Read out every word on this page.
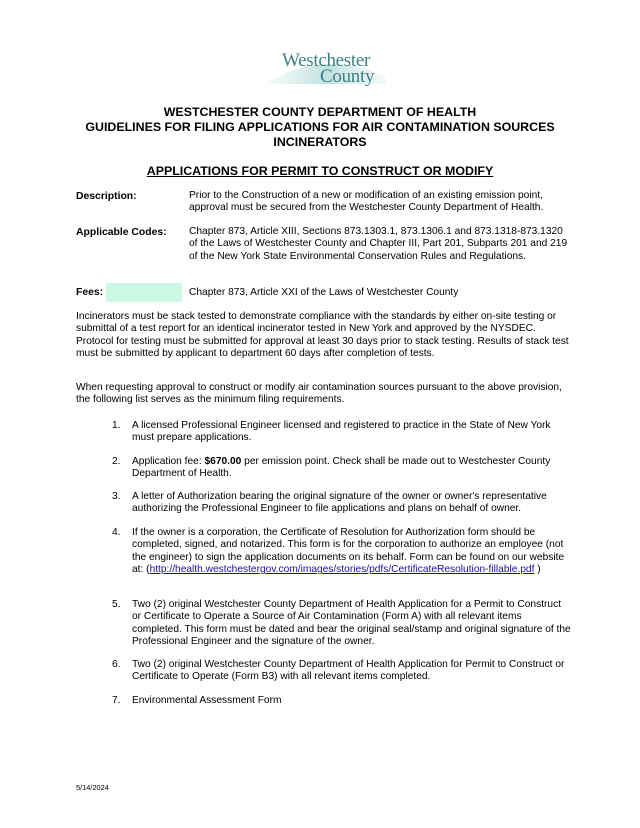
Westchester
County
WESTCHESTER COUNTY DEPARTMENT OF HEALTH
GUIDELINES FOR FILING APPLICATIONS FOR AIR CONTAMINATION SOURCES
INCINERATORS
APPLICATIONS FOR PERMIT TO CONSTRUCT OR MODIFY
Description:	Prior to the Construction of a new or modification of an existing emission point, approval must be secured from the Westchester County Department of Health.
Applicable Codes: Chapter 873, Article XIII, Sections 873.1303.1, 873.1306.1 and 873.1318-873.1320 of the Laws of Westchester County and Chapter III, Part 201, Subparts 201 and 219 of the New York State Environmental Conservation Rules and Regulations.
Fees:	Chapter 873, Article XXI of the Laws of Westchester County
Incinerators must be stack tested to demonstrate compliance with the standards by either on-site testing or submittal of a test report for an identical incinerator tested in New York and approved by the NYSDEC. Protocol for testing must be submitted for approval at least 30 days prior to stack testing. Results of stack test must be submitted by applicant to department 60 days after completion of tests.
When requesting approval to construct or modify air contamination sources pursuant to the above provision, the following list serves as the minimum filing requirements.
1.	A licensed Professional Engineer licensed and registered to practice in the State of New York must prepare applications.
2.	Application fee: $670.00 per emission point. Check shall be made out to Westchester County Department of Health.
3.	A letter of Authorization bearing the original signature of the owner or owner's representative authorizing the Professional Engineer to file applications and plans on behalf of owner.
4.	If the owner is a corporation, the Certificate of Resolution for Authorization form should be completed, signed, and notarized. This form is for the corporation to authorize an employee (not the engineer) to sign the application documents on its behalf. Form can be found on our website at: (http://health.westchestergov.com/images/stories/pdfs/CertificateResolution-fillable.pdf )
5.	Two (2) original Westchester County Department of Health Application for a Permit to Construct or Certificate to Operate a Source of Air Contamination (Form A) with all relevant items completed. This form must be dated and bear the original seal/stamp and original signature of the Professional Engineer and the signature of the owner.
6.	Two (2) original Westchester County Department of Health Application for Permit to Construct or Certificate to Operate (Form B3) with all relevant items completed.
7.	Environmental Assessment Form
5/14/2024
